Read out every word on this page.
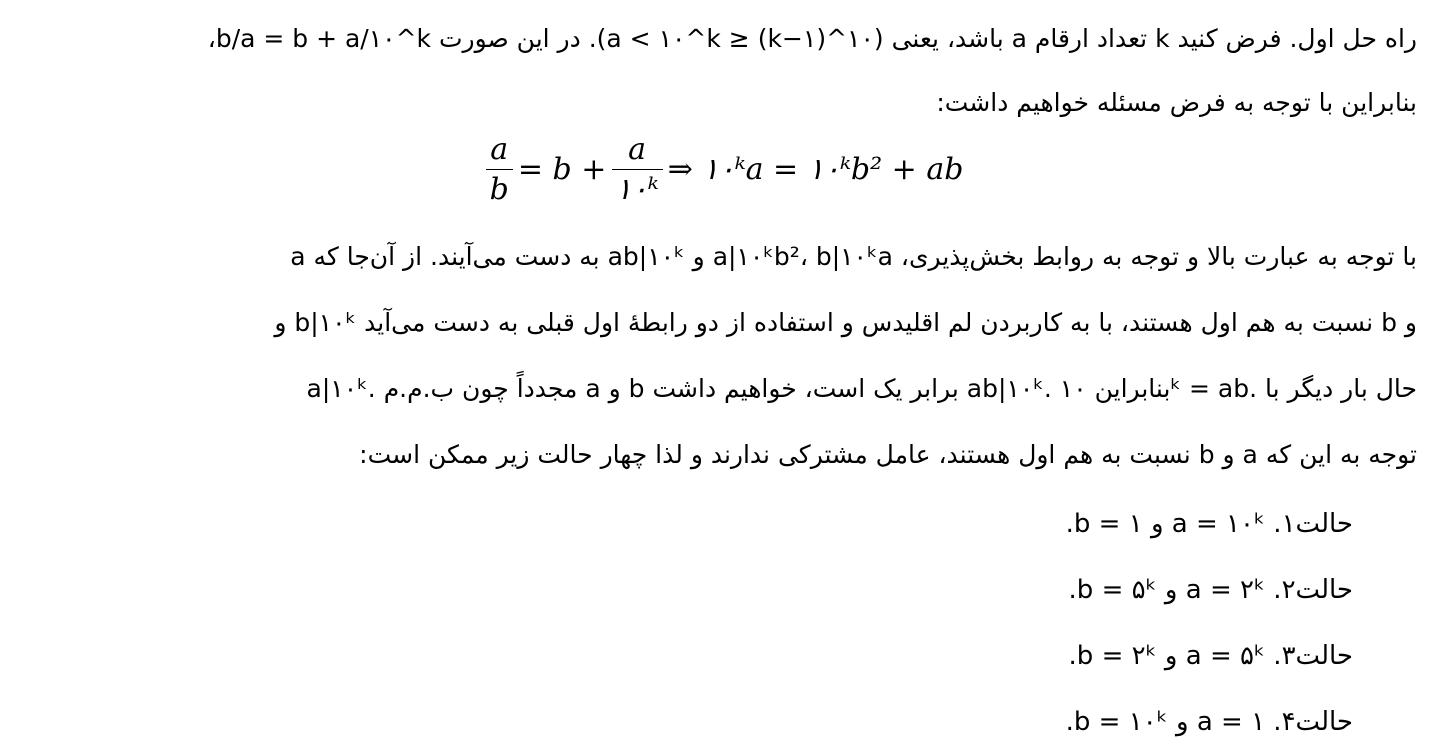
راه حل اول. فرض کنید k تعداد ارقام a باشد، یعنی (۱۰^(k−۱) ≤ a < ۱۰^k). در این صورت b/a = b + a/۱۰^k،
بنابراین با توجه به فرض مسئله خواهیم داشت:
$\frac{a}{b} = b + \frac{a}{\text{۱۰ᵏ}}$ ⇒ ۱۰ᵏa = ۱۰ᵏb² + ab
با توجه به عبارت بالا و توجه به روابط بخش‌پذیری، a|۱۰ᵏb²، b|۱۰ᵏa و ab|۱۰ᵏ به دست می‌آیند. از آن‌جا که a
و b نسبت به هم اول هستند، با به کاربردن لم اقلیدس و استفاده از دو رابطهٔ اول قبلی به دست می‌آید b|۱۰ᵏ و
a|۱۰ᵏ. مجدداً چون ب.م.م a و b برابر یک است، خواهیم داشت ab|۱۰ᵏ. بنابراین ۱۰ᵏ = ab. حال بار دیگر با
توجه به این که a و b نسبت به هم اول هستند، عامل مشترکی ندارند و لذا چهار حالت زیر ممکن است:
حالت۱. a = ۱۰ᵏ و b = ۱.
حالت۲. a = ۲ᵏ و b = ۵ᵏ.
حالت۳. a = ۵ᵏ و b = ۲ᵏ.
حالت۴. a = ۱ و b = ۱۰ᵏ.
